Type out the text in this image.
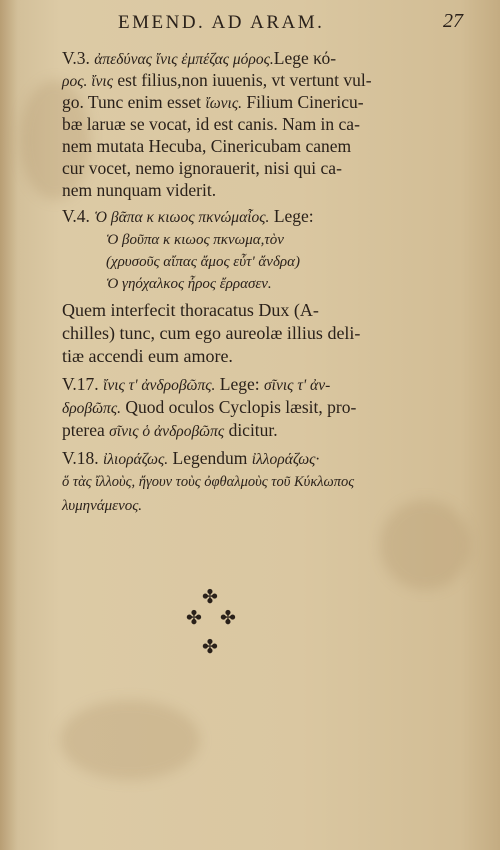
EMEND. AD ARAM.	27
V.3. ἀπεδύνας ἴνις ἐμπέζας μόρος.Lege κό-
ρος. ἴνις est filius,non iuuenis, vt vertunt vul-
go. Tunc enim esset ἴωνις. Filium Cinericu-
bæ laruæ se vocat, id est canis. Nam in ca-
nem mutata Hecuba, Cinericubam canem
cur vocet, nemo ignorauerit, nisi qui ca-
nem nunquam viderit.
V.4. Ὁ βᾶπα κ κιωος πκνώμαἶος. Lege:
Ὁ βοῦπα κ κιωος πκνωμα,τὸν
(χρυσοῦς αἴπας ἄμος εὖτ' ἄνδρα)
Ὁ γηόχαλκος ἦρος ἔρρασεν.
Quem interfecit thoracatus Dux (A-
chilles) tunc, cum ego aureolæ illius deli-
tiæ accendi eum amore.
V.17. ἴνις τ' ἀνδροβῶπς. Lege: σῖνις τ' ἀν-
δροβῶπς. Quod oculos Cyclopis læsit, pro-
pterea σῖνις ὁ ἀνδροβῶπς dicitur.
V.18. ἰλιοράζως. Legendum ἰλλοράζως·
ὅ τὰς ἴλλοὺς, ἤγουν τοὺς ὀφθαλμοὺς τοῦ Κύκλωπος
λυμηνάμενος.
✤
✤ ✤
✤
